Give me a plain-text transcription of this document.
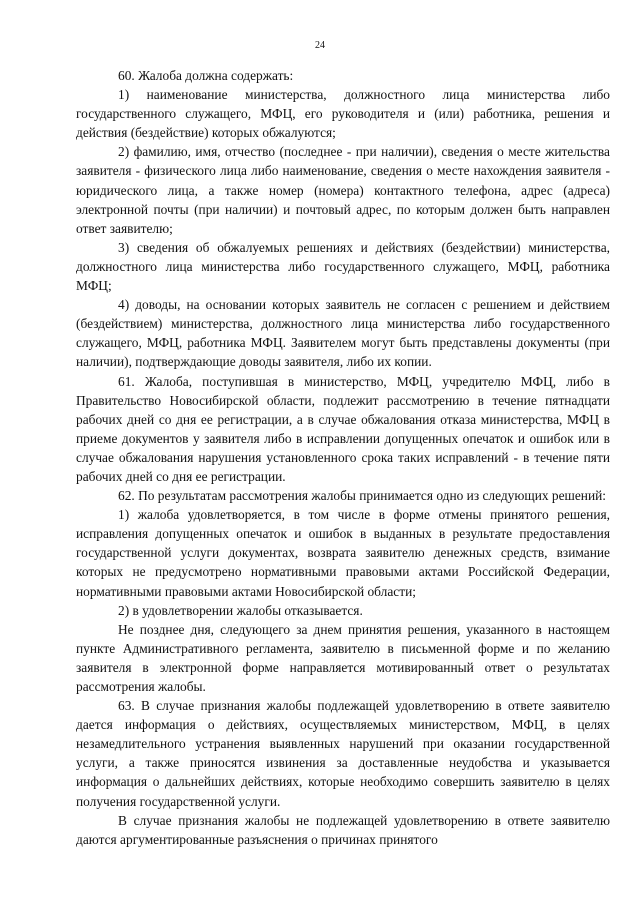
24

60. Жалоба должна содержать:

1) наименование министерства, должностного лица министерства либо государственного служащего, МФЦ, его руководителя и (или) работника, решения и действия (бездействие) которых обжалуются;

2) фамилию, имя, отчество (последнее - при наличии), сведения о месте жительства заявителя - физического лица либо наименование, сведения о месте нахождения заявителя - юридического лица, а также номер (номера) контактного телефона, адрес (адреса) электронной почты (при наличии) и почтовый адрес, по которым должен быть направлен ответ заявителю;

3) сведения об обжалуемых решениях и действиях (бездействии) министерства, должностного лица министерства либо государственного служащего, МФЦ, работника МФЦ;

4) доводы, на основании которых заявитель не согласен с решением и действием (бездействием) министерства, должностного лица министерства либо государственного служащего, МФЦ, работника МФЦ. Заявителем могут быть представлены документы (при наличии), подтверждающие доводы заявителя, либо их копии.

61. Жалоба, поступившая в министерство, МФЦ, учредителю МФЦ, либо в Правительство Новосибирской области, подлежит рассмотрению в течение пятнадцати рабочих дней со дня ее регистрации, а в случае обжалования отказа министерства, МФЦ в приеме документов у заявителя либо в исправлении допущенных опечаток и ошибок или в случае обжалования нарушения установленного срока таких исправлений - в течение пяти рабочих дней со дня ее регистрации.

62. По результатам рассмотрения жалобы принимается одно из следующих решений:

1) жалоба удовлетворяется, в том числе в форме отмены принятого решения, исправления допущенных опечаток и ошибок в выданных в результате предоставления государственной услуги документах, возврата заявителю денежных средств, взимание которых не предусмотрено нормативными правовыми актами Российской Федерации, нормативными правовыми актами Новосибирской области;

2) в удовлетворении жалобы отказывается.

Не позднее дня, следующего за днем принятия решения, указанного в настоящем пункте Административного регламента, заявителю в письменной форме и по желанию заявителя в электронной форме направляется мотивированный ответ о результатах рассмотрения жалобы.

63. В случае признания жалобы подлежащей удовлетворению в ответе заявителю дается информация о действиях, осуществляемых министерством, МФЦ, в целях незамедлительного устранения выявленных нарушений при оказании государственной услуги, а также приносятся извинения за доставленные неудобства и указывается информация о дальнейших действиях, которые необходимо совершить заявителю в целях получения государственной услуги.

В случае признания жалобы не подлежащей удовлетворению в ответе заявителю даются аргументированные разъяснения о причинах принятого
